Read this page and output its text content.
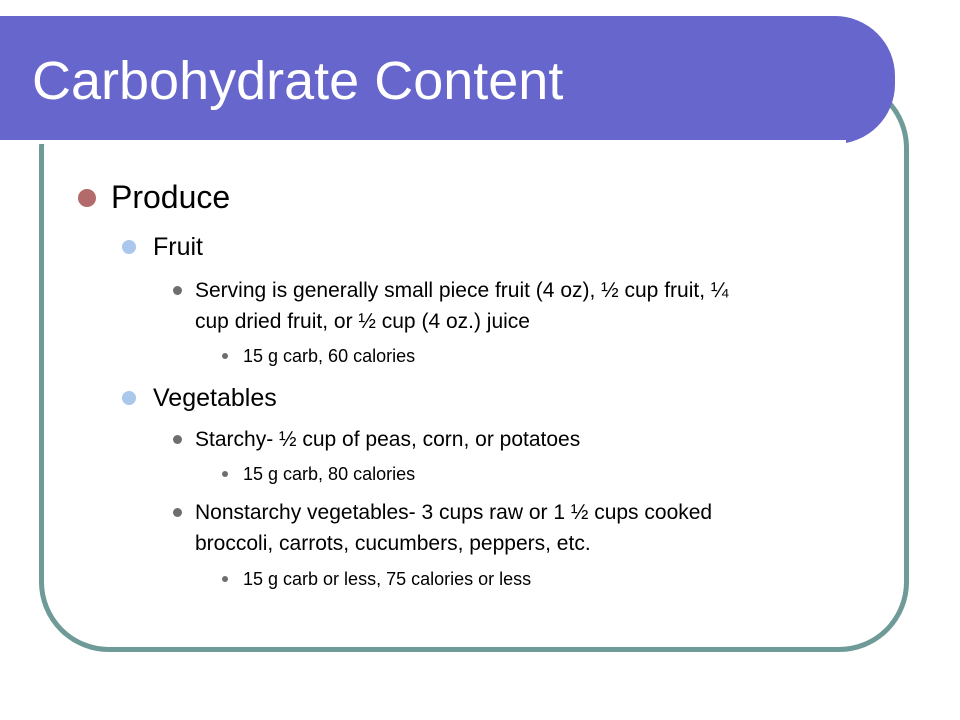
Carbohydrate Content
Produce
Fruit
Serving is generally small piece fruit (4 oz), ½ cup fruit, ¼
cup dried fruit, or ½ cup (4 oz.) juice
15 g carb, 60 calories
Vegetables
Starchy- ½ cup of peas, corn, or potatoes
15 g carb, 80 calories
Nonstarchy vegetables- 3 cups raw or 1 ½ cups cooked
broccoli, carrots, cucumbers, peppers, etc.
15 g carb or less, 75 calories or less
